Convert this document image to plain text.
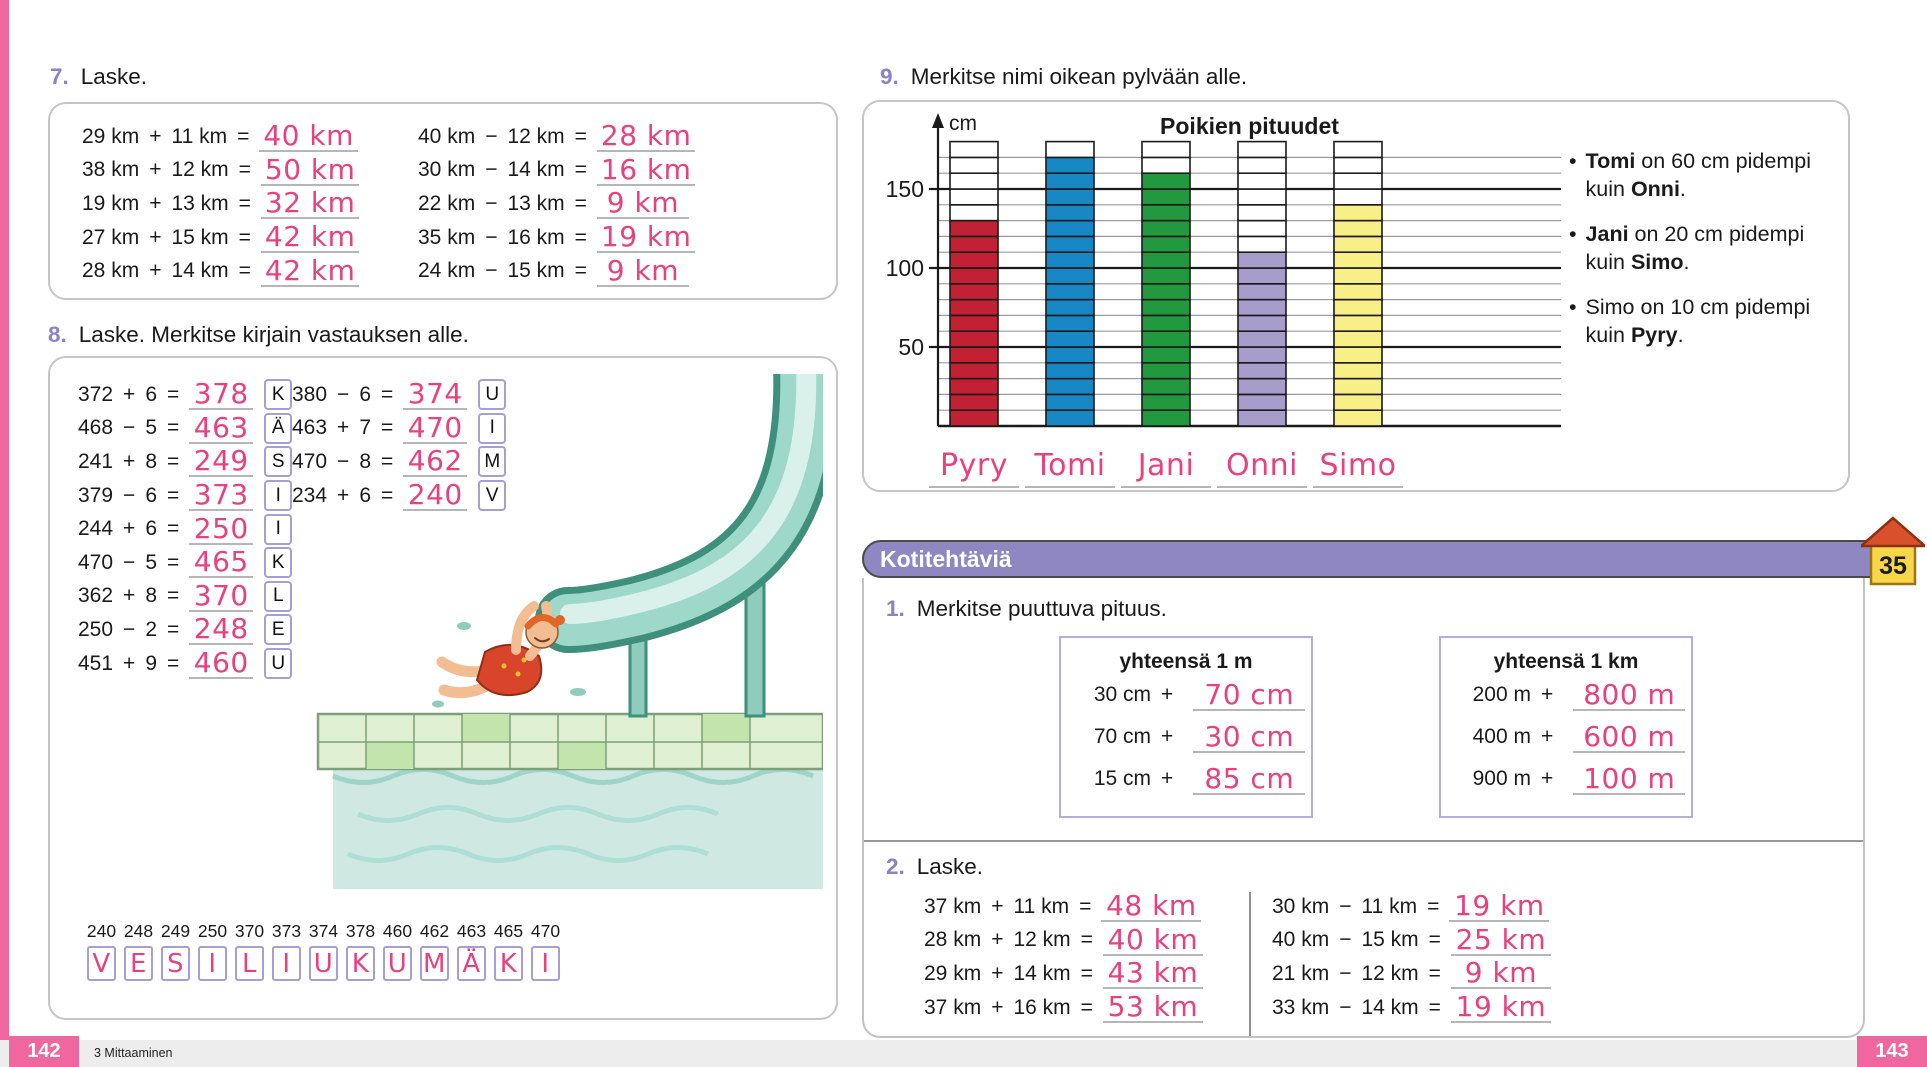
7. Laske.
29 km + 11 km = 40 km
38 km + 12 km = 50 km
19 km + 13 km = 32 km
27 km + 15 km = 42 km
28 km + 14 km = 42 km
40 km − 12 km = 28 km
30 km − 14 km = 16 km
22 km − 13 km = 9 km
35 km − 16 km = 19 km
24 km − 15 km = 9 km
8. Laske. Merkitse kirjain vastauksen alle.
372 + 6 = 378	K
468 − 5 = 463	Ä
241 + 8 = 249	S
379 − 6 = 373	I
244 + 6 = 250	I
470 − 5 = 465	K
362 + 8 = 370	L
250 − 2 = 248	E
451 + 9 = 460	U
380 − 6 = 374	U
463 + 7 = 470	I
470 − 8 = 462	M
234 + 6 = 240	V
240
V
248
E
249
S
250
I
370
L
373
I
374
U
378
K
460
U
462
M
463
Ä
465
K
470
I
9. Merkitse nimi oikean pylvään alle.
50
100
150
cm	Poikien pituudet
Pyry Tomi	Jani	Onni Simo
• Tomi on 60 cm pidempi kuin Onni.
• Jani on 20 cm pidempi kuin Simo.
• Simo on 10 cm pidempi kuin Pyry.
Kotitehtäviä	35
1. Merkitse puuttuva pituus.
yhteensä 1 m
30 cm +	70 cm
70 cm +	30 cm
15 cm +	85 cm
yhteensä 1 km
200 m +	800 m
400 m +	600 m
900 m +	100 m
2. Laske.
37 km + 11 km = 48 km
28 km + 12 km = 40 km
29 km + 14 km = 43 km
37 km + 16 km = 53 km
30 km − 11 km = 19 km
40 km − 15 km = 25 km
21 km − 12 km = 9 km
33 km − 14 km = 19 km
142	3 Mittaaminen	143
